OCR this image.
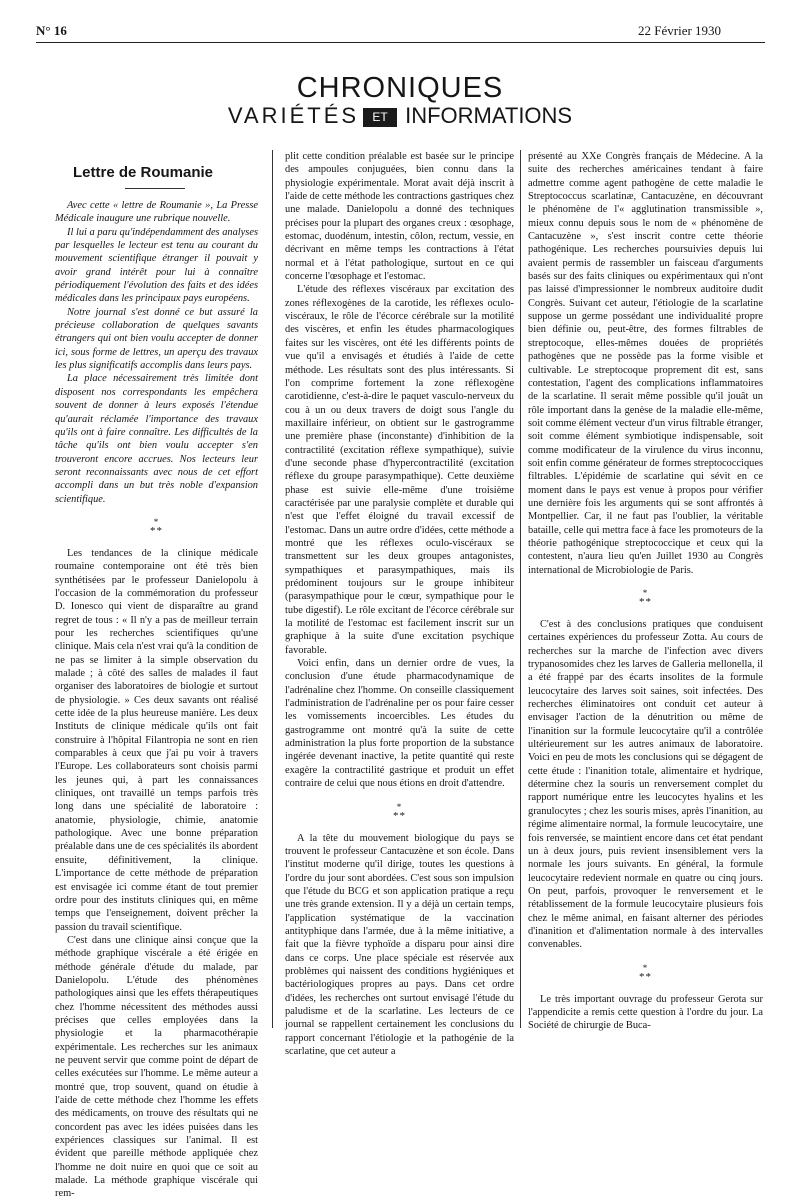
N° 16	22 Février 1930
CHRONIQUES
VARIÉTÉS ET INFORMATIONS
Lettre de Roumanie

Avec cette « lettre de Roumanie », La Presse Médicale inaugure une rubrique nouvelle.

Il lui a paru qu'indépendamment des analyses par lesquelles le lecteur est tenu au courant du mouvement scientifique étranger il pouvait y avoir grand intérêt pour lui à connaître périodiquement l'évolution des faits et des idées médicales dans les principaux pays européens.

Notre journal s'est donné ce but assuré la précieuse collaboration de quelques savants étrangers qui ont bien voulu accepter de donner ici, sous forme de lettres, un aperçu des travaux les plus significatifs accomplis dans leurs pays.

La place nécessairement très limitée dont disposent nos correspondants les empêchera souvent de donner à leurs exposés l'étendue qu'aurait réclamée l'importance des travaux qu'ils ont à faire connaître. Les difficultés de la tâche qu'ils ont bien voulu accepter s'en trouveront encore accrues. Nos lecteurs leur seront reconnaissants avec nous de cet effort accompli dans un but très noble d'expansion scientifique.

*
**

Les tendances de la clinique médicale roumaine contemporaine ont été très bien synthétisées par le professeur Danielopolu à l'occasion de la commémoration du professeur D. Ionesco qui vient de disparaître au grand regret de tous : « Il n'y a pas de meilleur terrain pour les recherches scientifiques qu'une clinique. Mais cela n'est vrai qu'à la condition de ne pas se limiter à la simple observation du malade ; à côté des salles de malades il faut organiser des laboratoires de biologie et surtout de physiologie. » Ces deux savants ont réalisé cette idée de la plus heureuse manière. Les deux Instituts de clinique médicale qu'ils ont fait construire à l'hôpital Filantropia ne sont en rien comparables à ceux que j'ai pu voir à travers l'Europe. Les collaborateurs sont choisis parmi les jeunes qui, à part les connaissances cliniques, ont travaillé un temps parfois très long dans une spécialité de laboratoire : anatomie, physiologie, chimie, anatomie pathologique. Avec une bonne préparation préalable dans une de ces spécialités ils abordent ensuite, définitivement, la clinique. L'importance de cette méthode de préparation est envisagée ici comme étant de tout premier ordre pour des instituts cliniques qui, en même temps que l'enseignement, doivent prêcher la passion du travail scientifique.

C'est dans une clinique ainsi conçue que la méthode graphique viscérale a été érigée en méthode générale d'étude du malade, par Danielopolu. L'étude des phénomènes pathologiques ainsi que les effets thérapeutiques chez l'homme nécessitent des méthodes aussi précises que celles employées dans la physiologie et la pharmacothérapie expérimentale. Les recherches sur les animaux ne peuvent servir que comme point de départ de celles exécutées sur l'homme. Le même auteur a montré que, trop souvent, quand on étudie à l'aide de cette méthode chez l'homme les effets des médicaments, on trouve des résultats qui ne concordent pas avec les idées puisées dans les expériences classiques sur l'animal. Il est évident que pareille méthode appliquée chez l'homme ne doit nuire en quoi que ce soit au malade. La méthode graphique viscérale qui rem-

plit cette condition préalable est basée sur le principe des ampoules conjuguées, bien connu dans la physiologie expérimentale. Morat avait déjà inscrit à l'aide de cette méthode les contractions gastriques chez une malade. Danielopolu a donné des techniques précises pour la plupart des organes creux : œsophage, estomac, duodénum, intestin, côlon, rectum, vessie, en décrivant en même temps les contractions à l'état normal et à l'état pathologique, surtout en ce qui concerne l'œsophage et l'estomac.

L'étude des réflexes viscéraux par excitation des zones réflexogènes de la carotide, les réflexes oculo-viscéraux, le rôle de l'écorce cérébrale sur la motilité des viscères, et enfin les études pharmacologiques faites sur les viscères, ont été les différents points de vue qu'il a envisagés et étudiés à l'aide de cette méthode. Les résultats sont des plus intéressants. Si l'on comprime fortement la zone réflexogène carotidienne, c'est-à-dire le paquet vasculo-nerveux du cou à un ou deux travers de doigt sous l'angle du maxillaire inférieur, on obtient sur le gastrogramme une première phase (inconstante) d'inhibition de la contractilité (excitation réflexe sympathique), suivie d'une seconde phase d'hypercontractilité (excitation réflexe du groupe parasympathique). Cette deuxième phase est suivie elle-même d'une troisième caractérisée par une paralysie complète et durable qui n'est que l'effet éloigné du travail excessif de l'estomac. Dans un autre ordre d'idées, cette méthode a montré que les réflexes oculo-viscéraux se transmettent sur les deux groupes antagonistes, sympathiques et parasympathiques, mais ils prédominent toujours sur le groupe inhibiteur (parasympathique pour le cœur, sympathique pour le tube digestif). Le rôle excitant de l'écorce cérébrale sur la motilité de l'estomac est facilement inscrit sur un graphique à la suite d'une excitation psychique favorable.

Voici enfin, dans un dernier ordre de vues, la conclusion d'une étude pharmacodynamique de l'adrénaline chez l'homme. On conseille classiquement l'administration de l'adrénaline per os pour faire cesser les vomissements incoercibles. Les études du gastrogramme ont montré qu'à la suite de cette administration la plus forte proportion de la substance ingérée devenant inactive, la petite quantité qui reste exagère la contractilité gastrique et produit un effet contraire de celui que nous étions en droit d'attendre.

*
**

A la tête du mouvement biologique du pays se trouvent le professeur Cantacuzène et son école. Dans l'institut moderne qu'il dirige, toutes les questions à l'ordre du jour sont abordées. C'est sous son impulsion que l'étude du BCG et son application pratique a reçu une très grande extension. Il y a déjà un certain temps, l'application systématique de la vaccination antityphique dans l'armée, due à la même initiative, a fait que la fièvre typhoïde a disparu pour ainsi dire dans ce corps. Une place spéciale est réservée aux problèmes qui naissent des conditions hygiéniques et bactériologiques propres au pays. Dans cet ordre d'idées, les recherches ont surtout envisagé l'étude du paludisme et de la scarlatine. Les lecteurs de ce journal se rappellent certainement les conclusions du rapport concernant l'étiologie et la pathogénie de la scarlatine, que cet auteur a

présenté au XXe Congrès français de Médecine. A la suite des recherches américaines tendant à faire admettre comme agent pathogène de cette maladie le Streptococcus scarlatinæ, Cantacuzène, en découvrant le phénomène de l'« agglutination transmissible », mieux connu depuis sous le nom de « phénomène de Cantacuzène », s'est inscrit contre cette théorie pathogénique. Les recherches poursuivies depuis lui avaient permis de rassembler un faisceau d'arguments basés sur des faits cliniques ou expérimentaux qui n'ont pas laissé d'impressionner le nombreux auditoire dudit Congrès. Suivant cet auteur, l'étiologie de la scarlatine suppose un germe possédant une individualité propre bien définie ou, peut-être, des formes filtrables de streptocoque, elles-mêmes douées de propriétés pathogènes que ne possède pas la forme visible et cultivable. Le streptocoque proprement dit est, sans contestation, l'agent des complications inflammatoires de la scarlatine. Il serait même possible qu'il jouât un rôle important dans la genèse de la maladie elle-même, soit comme élément vecteur d'un virus filtrable étranger, soit comme élément symbiotique indispensable, soit comme modificateur de la virulence du virus inconnu, soit enfin comme générateur de formes streptococciques filtrables. L'épidémie de scarlatine qui sévit en ce moment dans le pays est venue à propos pour vérifier une dernière fois les arguments qui se sont affrontés à Montpellier. Car, il ne faut pas l'oublier, la véritable bataille, celle qui mettra face à face les promoteurs de la théorie pathogénique streptococcique et ceux qui la contestent, n'aura lieu qu'en Juillet 1930 au Congrès international de Microbiologie de Paris.

*
**

C'est à des conclusions pratiques que conduisent certaines expériences du professeur Zotta. Au cours de recherches sur la marche de l'infection avec divers trypanosomides chez les larves de Galleria mellonella, il a été frappé par des écarts insolites de la formule leucocytaire des larves soit saines, soit infectées. Des recherches éliminatoires ont conduit cet auteur à envisager l'action de la dénutrition ou même de l'inanition sur la formule leucocytaire qu'il a contrôlée ultérieurement sur les autres animaux de laboratoire. Voici en peu de mots les conclusions qui se dégagent de cette étude : l'inanition totale, alimentaire et hydrique, détermine chez la souris un renversement complet du rapport numérique entre les leucocytes hyalins et les granulocytes ; chez les souris mises, après l'inanition, au régime alimentaire normal, la formule leucocytaire, une fois renversée, se maintient encore dans cet état pendant un à deux jours, puis revient insensiblement vers la normale les jours suivants. En général, la formule leucocytaire redevient normale en quatre ou cinq jours. On peut, parfois, provoquer le renversement et le rétablissement de la formule leucocytaire plusieurs fois chez le même animal, en faisant alterner des périodes d'inanition et d'alimentation normale à des intervalles convenables.

*
**

Le très important ouvrage du professeur Gerota sur l'appendicite a remis cette question à l'ordre du jour. La Société de chirurgie de Buca-
